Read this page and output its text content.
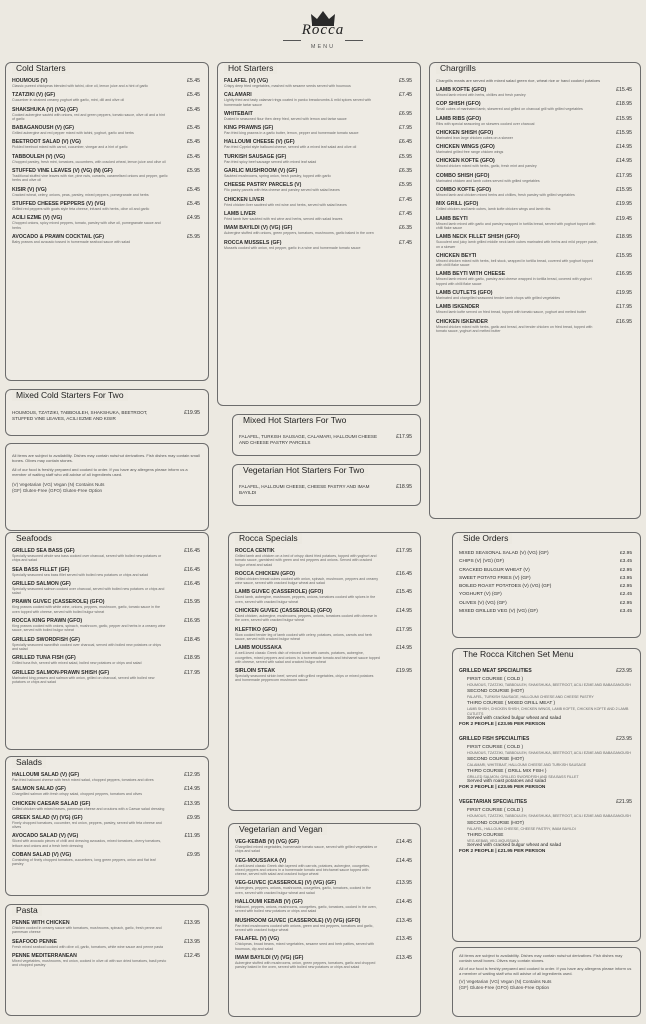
Rocca
MENU
Cold Starters
HOUMOUS (V)	£5.45
Classic pureed chickpeas blended with tahini, olive oil, lemon juice and a hint of garlic
TZATZIKI (V) (GF)	£5.45
Cucumber in strained creamy yoghurt with garlic, mint, dill and olive oil
SHAKSHUKA (V) (VG) (GF)	£5.45
Cooked aubergine sautéd with onions, red and green peppers, tomato sauce, olive oil and a hint of garlic
BABAGANOUSH (V) (GF)	£5.45
Grilled aubergine and red pepper mixed with tahini, yoghurt, garlic and herbs
BEETROOT SALAD (V) (VG)	£5.45
Pickled beetroot mixed with carrot, cucumber, vinegar and a hint of garlic
TABBOULEH (V) (VG)	£5.45
Chopped parsley, fresh mint, tomatoes, cucumbers, with cracked wheat, lemon juice and olive oil
STUFFED VINE LEAVES (V) (VG) (N) (GF)	£5.95
Traditional stuffed vine leaves with rice, pine nuts, currants, caramelised onions and pepper, garlic herbs and olive oil
KISIR (V) (VG)	£5.45
Cracked wheat, celery, onions, peas, parsley, mixed peppers, pomegranate and herbs
STUFFED CHEESE PEPPERS (V) (VG)	£5.45
Grilled red peppers with goats style feta cheese, infused with herbs, olive oil and garlic
ACILI EZME (V) (VG)	£4.95
Chopped onions, spicy mixed peppers, tomato, parsley with olive oil, pomegranate sauce and herbs
AVOCADO & PRAWN COCKTAIL (GF)	£5.95
Baby prawns and avocado tossed in homemade seafood sauce with salad
Mixed Cold Starters For Two
HOUMOUS, TZATZIKI, TABBOULEH, SHAKSHUKA, BEETROOT, STUFFED VINE LEAVES, ACILI EZME AND KISIR
£19.95
All items are subject to availability. Dishes may contain nuts/nut derivatives. Fish dishes may contain small bones. Olives may contain stones.
All of our food is freshly prepared and cooked to order. If you have any allergens please inform us a member of waiting staff who will advise of all ingredients used.
(V) Vegetarian (VG) Vegan (N) Contains Nuts
(GF) Gluten-Free (GFO) Gluten-Free Option
Hot Starters
FALAFEL (V) (VG)	£5.95
Crispy deep fried vegetables, mashed with sesame seeds served with houmous
CALAMARI	£7.45
Lightly fried and tasty calamari rings coated in panko breadcrumbs & mild spices served with homemade tartar sauce
WHITEBAIT	£6.95
Dusted in seasoned flour then deep fried, served with lemon and tartar sauce
KING PRAWNS (GF)	£7.95
Pan fried king prawns in a garlic butter, lemon, pepper and homemade tomato sauce
HALLOUMI CHEESE (V) (GF)	£6.45
Pan fried Cypriot style halloumi cheese, served with a mixed leaf salad and olive oil
TURKISH SAUSAGE (GF)	£5.95
Pan fried spicy beef sausage served with mixed leaf salad
GARLIC MUSHROOM (V) (GF)	£6.35
Sautéed mushrooms, spring onion, fresh parsley, topped with garlic
CHEESE PASTRY PARCELS (V)	£5.95
Filo pastry parcels with feta cheese and parsley served with salad leaves
CHICKEN LIVER	£7.45
Fried chicken liver sautéed with red wine and herbs, served with salad leaves
LAMB LIVER	£7.45
Fried lamb liver sautéed with red wine and herbs, served with salad leaves
IMAM BAYILDI (V) (VG) (GF)	£6.35
Aubergine stuffed with onions, green peppers, tomatoes, mushrooms, garlic baked in the oven
ROCCA MUSSELS (GF)	£7.45
Mussels cooked with onion, red pepper, garlic in a wine and homemade tomato sauce
Mixed Hot Starters For Two
FALAFEL, TURKISH SAUSAGE, CALAMARI, HALLOUMI CHEESE AND CHEESE PASTRY PARCELS
£17.95
Vegetarian Hot Starters For Two
FALAFEL, HALLOUMI CHEESE, CHEESE PASTRY AND IMAM BAYILDI
£18.95
Chargrills
Chargrills meats are served with mixed salad green rice, wheat rice or hand cooked potatoes
LAMB KOFTE (GFO)	£15.45
Minced lamb mixed with herbs, chillies and fresh parsley
COP SHISH (GFO)	£18.95
Small cubes of marinated lamb, skewered and grilled on charcoal grill with grilled vegetables
LAMB RIBS (GFO)	£15.95
Ribs with special seasoning on skewers cooked over charcoal
CHICKEN SHISH (GFO)	£15.95
Marinated lean large chicken cubes on a skewer
CHICKEN WINGS (GFO)	£14.95
Marinated grilled free range chicken wings
CHICKEN KOFTE (GFO)	£14.95
Minced chicken mixed with herbs, garlic, fresh mint and parsley
COMBO SHISH (GFO)	£17.95
Marinated chicken and lamb cubes served with grilled vegetables
COMBO KOFTE (GFO)	£15.95
Minced lamb and chicken mixed herbs and chillies, fresh parsley with grilled vegetables
MIX GRILL (GFO)	£19.95
Grilled chicken and lamb cubes, lamb kofte chicken wings and lamb ribs
LAMB BEYTI	£19.45
Minced lamb mixed with garlic and parsley wrapped in tortilla bread, served with yoghurt topped with chilli flake sauce
LAMB NECK FILLET SHISH (GFO)	£18.95
Succulent and juicy lamb grilled middle neck lamb cubes marinated with herbs and mild pepper paste, on a skewer
CHICKEN BEYTI	£15.95
Minced chicken mixed with herbs, bell stock, wrapped in tortilla bread, covered with yoghurt topped with chilli flake sauce
LAMB BEYTI WITH CHEESE	£16.95
Minced lamb mixed with garlic, parsley and cheese wrapped in tortilla bread, covered with yoghurt topped with chilli flake sauce
LAMB CUTLETS (GFO)	£19.95
Marinated and chargrilled seasoned tender lamb chops with grilled vegetables
LAMB ISKENDER	£17.95
Minced lamb kofte served on fried bread, topped with tomato sauce, yoghurt and melted butter
CHICKEN ISKENDER	£16.95
Minced chicken mixed with herbs, garlic and bread, and tender chicken on fried bread, topped with tomato sauce, yoghurt and melted butter
Seafoods
GRILLED SEA BASS (GF)	£16.45
Specially seasoned whole sea bass cooked over charcoal, served with boiled new potatoes or chips and salad
SEA BASS FILLET (GF)	£16.45
Specially seasoned sea bass fillet served with boiled new potatoes or chips and salad
GRILLED SALMON (GF)	£16.45
Specially seasoned salmon cooked over charcoal, served with boiled new potatoes or chips and salad
PRAWN GUVEC (CASSEROLE) (GFO)	£15.95
King prawns cooked with white wine, onions, peppers, mushroom, garlic, tomato sauce in the oven topped with cheese, served with boiled bulgur wheat
ROCCA KING PRAWN (GFO)	£16.95
King prawns cooked with onions, spinach, mushroom, garlic, pepper and herbs in a creamy wine sauce, served with boiled bulgur wheat
GRILLED SWORDFISH (GF)	£18.45
Specially seasoned swordfish cooked over charcoal, served with boiled new potatoes or chips and salad
GRILLED TUNA FISH (GF)	£18.95
Grilled tuna fish, served with mixed salad, boiled new potatoes or chips and salad
GRILLED SALMON-PRAWN SHISH (GF)	£17.95
Marinated king prawns and salmon with onion, grilled on charcoal, served with boiled new potatoes or chips and salad
Salads
HALLOUMI SALAD (V) (GF)	£12.95
Pan fried halloumi cheese with fresh mixed salad, chopped peppers, tomatoes and olives
SALMON SALAD (GF)	£14.95
Chargrilled salmon with fresh crispy salad, chopped peppers, tomatoes and olives
CHICKEN CAESAR SALAD (GF)	£13.95
Grilled chicken with mixed leaves, parmesan cheese and croutons with a Caesar salad dressing
GREEK SALAD (V) (VG) (GF)	£9.95
Finely chopped tomatoes, cucumber, red onion, peppers, parsley, served with feta cheese and olives
AVOCADO SALAD (V) (VG)	£11.95
Sliced with avocado pieces of chilli and dressing avocados, mixed tomatoes, cherry tomatoes, lettuce and onions and a fresh herb dressing
COBAN SALAD (V) (VG)	£9.95
Consisting of finely chopped tomatoes, cucumbers, long green peppers, onion and flat leaf parsley
Pasta
PENNE WITH CHICKEN	£13.95
Chicken cooked in creamy sauce with tomatoes, mushrooms, spinach, garlic, fresh penne and parmesan cheese
SEAFOOD PENNE	£13.95
Fresh mixed seafood cooked with olive oil, garlic, tomatoes, white wine sauce and penne pasta
PENNE MEDITERRANEAN	£12.45
Mixed vegetables, mushrooms, red onion, cooked in olive oil with sun dried tomatoes, basil pesto and chopped parsley
Rocca Specials
ROCCA CENTIK	£17.95
Grilled lamb and chicken on a bed of crispy diced fried potatoes, topped with yoghurt and tomato sauce, garnished with green and red peppers and onions. Served with cracked bulgur wheat and salad
ROCCA CHICKEN (GFO)	£16.45
Grilled chicken breast cubes cooked with onion, spinach, mushroom, peppers and creamy wine sauce, served with cracked bulgur wheat and salad
LAMB GUVEC (CASSEROLE) (GFO)	£15.45
Diced lamb, aubergine, mushroom, peppers, onions, tomatoes cooked with spices in the oven, served with cracked bulgur wheat
CHICKEN GUVEC (CASSEROLE) (GFO)	£14.95
Diced chicken, aubergine, mushrooms, peppers, onions, tomatoes cooked with cheese in the oven, served with cracked bulgur wheat
KLEFTIKO (GFO)	£17.95
Slow cooked tender leg of lamb cooked with celery, potatoes, onions, carrots and herb sauce, served with cracked bulgur wheat
LAMB MOUSSAKA	£14.95
A well-loved classic Greek dish of minced lamb with carrots, potatoes, aubergine, courgettes, mixed peppers and onions in a homemade tomato and béchamel sauce topped with cheese, served with salad and cracked bulgur wheat
SIRLOIN STEAK	£19.95
Specially seasoned sirloin beef, served with grilled vegetables, chips or mixed potatoes and homemade peppercorn mushroom sauce
Vegetarian and Vegan
VEG-KEBAB (V) (VG) (GF)	£14.45
Chargrilled mixed vegetables, homemade tomato sauce, served with grilled vegetables or chips and salad
VEG-MOUSSAKA (V)	£14.45
A well-loved classic Greek dish layered with carrots, potatoes, aubergine, courgettes, mixed peppers and onions in a homemade tomato and béchamel sauce topped with cheese, served with salad and cracked bulgur wheat
VEG-GUVEC (CASSEROLE) (V) (VG) (GF)	£13.95
Aubergines, peppers, onions, mushrooms, courgettes, garlic, tomatoes, cooked in the oven, served with cracked bulgur wheat and salad
HALLOUMI KEBAB (V) (GF)	£14.45
Halloumi, peppers, onions, mushrooms, courgettes, garlic, tomatoes, cooked in the oven, served with boiled new potatoes or chips and salad
MUSHROOM GUVEC (CASSEROLE) (V) (VG) (GFO)	£13.45
Pan fried mushrooms cooked with onions, green and red peppers, tomatoes and garlic, served with cracked bulgur wheat
FALAFEL (V) (VG)	£13.45
Chickpeas, broad beans, mixed vegetables, sesame seed and herb patties, served with houmous, dip and salad
IMAM BAYILDI (V) (VG) (GF)	£13.45
Aubergine stuffed with mushrooms, onion, green peppers, tomatoes, garlic and chopped parsley baked in the oven, served with boiled new potatoes or chips and salad
Side Orders
MIXED SEASONAL SALAD (V) (VG) (GF)	£2.95
CHIPS (V) (VG) (GF)	£3.45
CRACKED BULGUR WHEAT (V)	£2.95
SWEET POTATO FRIES (V) (GF)	£3.95
BOILED ROAST POTATOES (V) (VG) (GF)	£2.95
YOGHURT (V) (GF)	£2.45
OLIVES (V) (VG) (GF)	£2.95
MIXED GRILLED VEG (V) (VG) (GF)	£3.45
The Rocca Kitchen Set Menu
GRILLED MEAT SPECIALITIES	£23.95
FIRST COURSE ( COLD )
HOUMOUS, TZATZIKI, TABBOULEH, SHAKSHUKA, BEETROOT, ACILI EZME AND BABAGANOUSH
SECOND COURSE (HOT)
FALAFEL, TURKISH SAUSAGE, HALLOUMI CHEESE AND CHEESE PASTRY
THIRD COURSE ( MIXED GRILL MEAT )
LAMB SHISH, CHICKEN SHISH, CHICKEN WINGS, LAMB KOFTE, CHICKEN KOFTE AND 2 LAMB CUTLETS
Served with cracked bulgur wheat and salad
FOR 2 PEOPLE | £23.95 PER PERSON
GRILLED FISH SPECIALITIES	£23.95
FIRST COURSE ( COLD )
HOUMOUS, TZATZIKI, TABBOULEH, SHAKSHUKA, BEETROOT, ACILI EZME AND BABAGANOUSH
SECOND COURSE (HOT)
CALAMARI, WHITEBAIT, HALLOUMI CHEESE AND TURKISH SAUSAGE
THIRD COURSE ( GRILL MIX FISH )
GRILLED SALMON, GRILLED SWORDFISH AND SEA BASS FILLET
Served with roast potatoes and salad
FOR 2 PEOPLE | £23.95 PER PERSON
VEGETARIAN SPECIALITIES	£21.95
FIRST COURSE ( COLD )
HOUMOUS, TZATZIKI, TABBOULEH, SHAKSHUKA, BEETROOT, ACILI EZME AND BABAGANOUSH
SECOND COURSE (HOT)
FALAFEL, HALLOUMI CHEESE, CHEESE PASTRY, IMAM BAYILDI
THIRD COURSE
VEG-KEBAB, VEG-MOUSSAKA
Served with cracked bulgur wheat and salad
FOR 2 PEOPLE | £21.95 PER PERSON
All items are subject to availability. Dishes may contain nuts/nut derivatives. Fish dishes may contain small bones. Olives may contain stones.
All of our food is freshly prepared and cooked to order. If you have any allergens please inform us a member of waiting staff who will advise of all ingredients used.
(V) Vegetarian (VG) Vegan (N) Contains Nuts
(GF) Gluten-Free (GFO) Gluten-Free Option
